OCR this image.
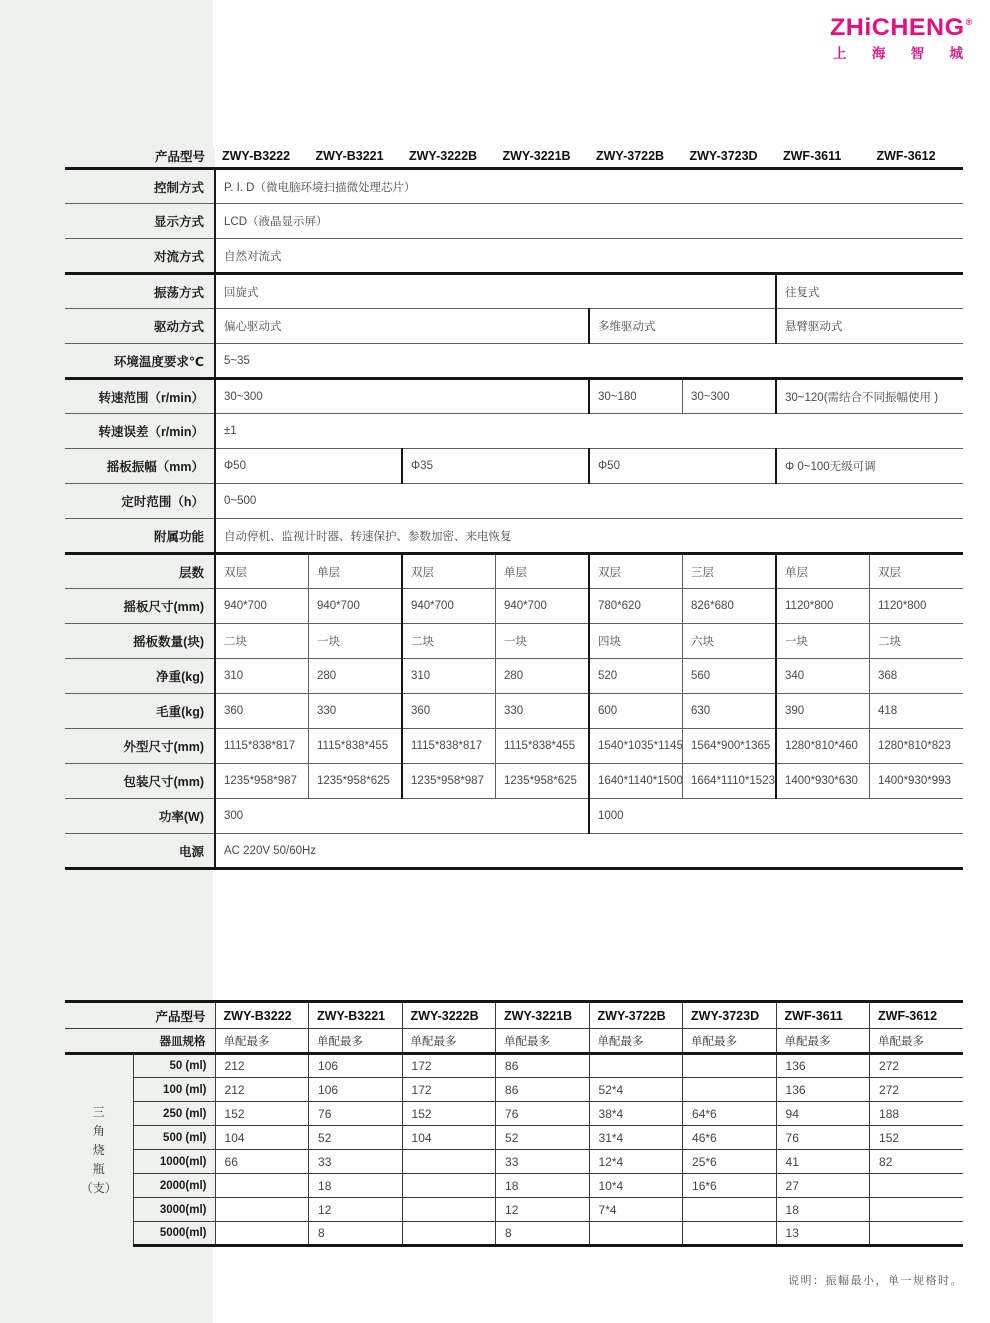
ZHiCHENG®
上 海 智 城
产品型号	ZWY-B3222	ZWY-B3221	ZWY-3222B	ZWY-3221B	ZWY-3722B	ZWY-3723D	ZWF-3611	ZWF-3612
控制方式	P. I. D（微电脑环境扫描微处理芯片）							
显示方式	LCD（液晶显示屏）							
对流方式	自然对流式							
振荡方式	回旋式						往复式	
驱动方式	偏心驱动式				多维驱动式		悬臂驱动式	
环境温度要求℃	5~35							
转速范围（r/min）	30~300				30~180	30~300	30~120(需结合不同振幅使用 )	
转速误差（r/min）	±1							
摇板振幅（mm）	Φ50		Φ35		Φ50		Φ 0~100无级可调	
定时范围（h）	0~500							
附属功能	自动停机、监视计时器、转速保护、参数加密、来电恢复							
层数	双层	单层	双层	单层	双层	三层	单层	双层
摇板尺寸(mm)	940*700	940*700	940*700	940*700	780*620	826*680	1120*800	1120*800
摇板数量(块)	二块	一块	二块	一块	四块	六块	一块	二块
净重(kg)	310	280	310	280	520	560	340	368
毛重(kg)	360	330	360	330	600	630	390	418
外型尺寸(mm)	1115*838*817	1115*838*455	1115*838*817	1115*838*455	1540*1035*1145	1564*900*1365	1280*810*460	1280*810*823
包装尺寸(mm)	1235*958*987	1235*958*625	1235*958*987	1235*958*625	1640*1140*1500	1664*1110*1523	1400*930*630	1400*930*993
功率(W)	300				1000			
电源	AC 220V 50/60Hz							
产品型号		ZWY-B3222	ZWY-B3221	ZWY-3222B	ZWY-3221B	ZWY-3722B	ZWY-3723D	ZWF-3611	ZWF-3612
器皿规格		单配最多	单配最多	单配最多	单配最多	单配最多	单配最多	单配最多	单配最多

三
角
烧
瓶
（支）	50 (ml)	212	106	172	86			136	272
	100 (ml)	212	106	172	86	52*4		136	272
	250 (ml)	152	76	152	76	38*4	64*6	94	188
	500 (ml)	104	52	104	52	31*4	46*6	76	152
	1000(ml)	66	33		33	12*4	25*6	41	82
	2000(ml)		18		18	10*4	16*6	27	
	3000(ml)		12		12	7*4		18	
	5000(ml)		8		8			13	
说明：振幅最小，单一规格时。
